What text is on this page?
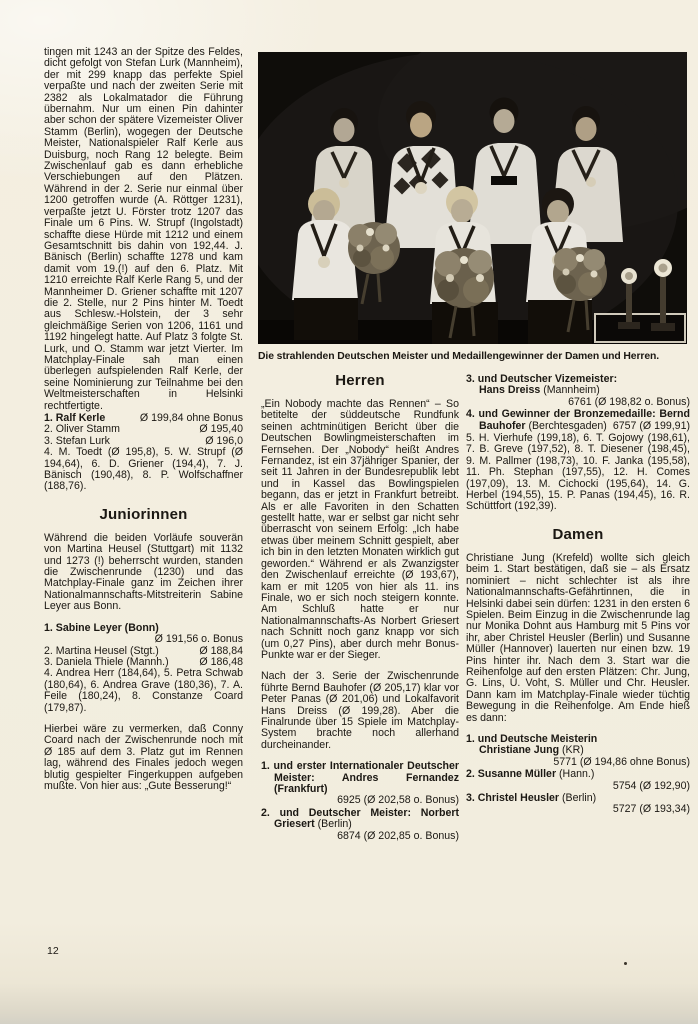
tingen mit 1243 an der Spitze des Feldes, dicht gefolgt von Stefan Lurk (Mannheim), der mit 299 knapp das perfekte Spiel verpaßte und nach der zweiten Serie mit 2382 als Lokalmatador die Führung übernahm. Nur um einen Pin dahinter aber schon der spätere Vizemeister Oliver Stamm (Berlin), wogegen der Deutsche Meister, Nationalspieler Ralf Kerle aus Duisburg, noch Rang 12 belegte. Beim Zwischenlauf gab es dann erhebliche Verschiebungen auf den Plätzen. Während in der 2. Serie nur einmal über 1200 getroffen wurde (A. Röttger 1231), verpaßte jetzt U. Förster trotz 1207 das Finale um 6 Pins. W. Strupf (Ingolstadt) schaffte diese Hürde mit 1212 und einem Gesamtschnitt bis dahin von 192,44. J. Bänisch (Berlin) schaffte 1278 und kam damit vom 19.(!) auf den 6. Platz. Mit 1210 erreichte Ralf Kerle Rang 5, und der Mannheimer D. Griener schaffte mit 1207 die 2. Stelle, nur 2 Pins hinter M. Toedt aus Schlesw.-Holstein, der 3 sehr gleichmäßige Serien von 1206, 1161 und 1192 hingelegt hatte. Auf Platz 3 folgte St. Lurk, und O. Stamm war jetzt Vierter. Im Matchplay-Finale sah man einen überlegen aufspielenden Ralf Kerle, der seine Nominierung zur Teilnahme bei den Weltmeisterschaften in Helsinki rechtfertigte.

1. Ralf Kerle	Ø 199,84 ohne Bonus
2. Oliver Stamm	Ø 195,40
3. Stefan Lurk	Ø 196,0
4. M. Toedt (Ø 195,8), 5. W. Strupf (Ø 194,64), 6. D. Griener (194,4), 7. J. Bänisch (190,48), 8. P. Wolfschaffner (188,76).
Juniorinnen

Während die beiden Vorläufe souverän von Martina Heusel (Stuttgart) mit 1132 und 1273 (!) beherrscht wurden, standen die Zwischenrunde (1230) und das Matchplay-Finale ganz im Zeichen ihrer Nationalmannschafts-Mitstreiterin Sabine Leyer aus Bonn.

1. Sabine Leyer (Bonn)
Ø 191,56 o. Bonus
2. Martina Heusel (Stgt.)	Ø 188,84
3. Daniela Thiele (Mannh.)	Ø 186,48
4. Andrea Herr (184,64), 5. Petra Schwab (180,64), 6. Andrea Grave (180,36), 7. A. Feile (180,24), 8. Constanze Coard (179,87).

Hierbei wäre zu vermerken, daß Conny Coard nach der Zwischenrunde noch mit Ø 185 auf dem 3. Platz gut im Rennen lag, während des Finales jedoch wegen blutig gespielter Fingerkuppen aufgeben mußte. Von hier aus: „Gute Besserung!“

Die strahlenden Deutschen Meister und Medaillengewinner der Damen und Herren.
Herren

„Ein Nobody machte das Rennen“ – So betitelte der süddeutsche Rundfunk seinen achtminütigen Bericht über die Deutschen Bowlingmeisterschaften im Fernsehen. Der „Nobody“ heißt Andres Fernandez, ist ein 37jähriger Spanier, der seit 11 Jahren in der Bundesrepublik lebt und in Kassel das Bowlingspielen begann, das er jetzt in Frankfurt betreibt. Als er alle Favoriten in den Schatten gestellt hatte, war er selbst gar nicht sehr überrascht von seinem Erfolg: „Ich habe etwas über meinem Schnitt gespielt, aber ich bin in den letzten Monaten wirklich gut geworden.“ Während er als Zwanzigster den Zwischenlauf erreichte (Ø 193,67), kam er mit 1205 von hier als 11. ins Finale, wo er sich noch steigern konnte. Am Schluß hatte er nur Nationalmannschafts-As Norbert Griesert nach Schnitt noch ganz knapp vor sich (um 0,27 Pins), aber durch mehr Bonus-Punkte war er der Sieger.

Nach der 3. Serie der Zwischenrunde führte Bernd Bauhofer (Ø 205,17) klar vor Peter Panas (Ø 201,06) und Lokalfavorit Hans Dreiss (Ø 199,28). Aber die Finalrunde über 15 Spiele im Matchplay-System brachte noch allerhand durcheinander.

1. und erster Internationaler Deutscher Meister: Andres Fernandez (Frankfurt)
6925 (Ø 202,58 o. Bonus)
2. und Deutscher Meister: Norbert Griesert (Berlin)
6874 (Ø 202,85 o. Bonus)
3. und Deutscher Vizemeister:
Hans Dreiss (Mannheim)
6761 (Ø 198,82 o. Bonus)
4. und Gewinner der Bronzemedaille: Bernd Bauhofer (Berchtesgaden) 6757 (Ø 199,91)

5. H. Vierhufe (199,18), 6. T. Gojowy (198,61), 7. B. Greve (197,52), 8. T. Diesener (198,45), 9. M. Pallmer (198,73), 10. F. Janka (195,58), 11. Ph. Stephan (197,55), 12. H. Comes (197,09), 13. M. Cichocki (195,64), 14. G. Herbel (194,55), 15. P. Panas (194,45), 16. R. Schüttfort (192,39).

Damen

Christiane Jung (Krefeld) wollte sich gleich beim 1. Start bestätigen, daß sie – als Ersatz nominiert – nicht schlechter ist als ihre Nationalmannschafts-Gefährtinnen, die in Helsinki dabei sein dürfen: 1231 in den ersten 6 Spielen. Beim Einzug in die Zwischenrunde lag nur Monika Dohnt aus Hamburg mit 5 Pins vor ihr, aber Christel Heusler (Berlin) und Susanne Müller (Hannover) lauerten nur einen bzw. 19 Pins hinter ihr. Nach dem 3. Start war die Reihenfolge auf den ersten Plätzen: Chr. Jung, G. Lins, U. Voht, S. Müller und Chr. Heusler. Dann kam im Matchplay-Finale wieder tüchtig Bewegung in die Reihenfolge. Am Ende hieß es dann:

1. und Deutsche Meisterin
Christiane Jung (KR)
5771 (Ø 194,86 ohne Bonus)
2. Susanne Müller (Hann.)
5754 (Ø 192,90)
3. Christel Heusler (Berlin)
5727 (Ø 193,34)
12
